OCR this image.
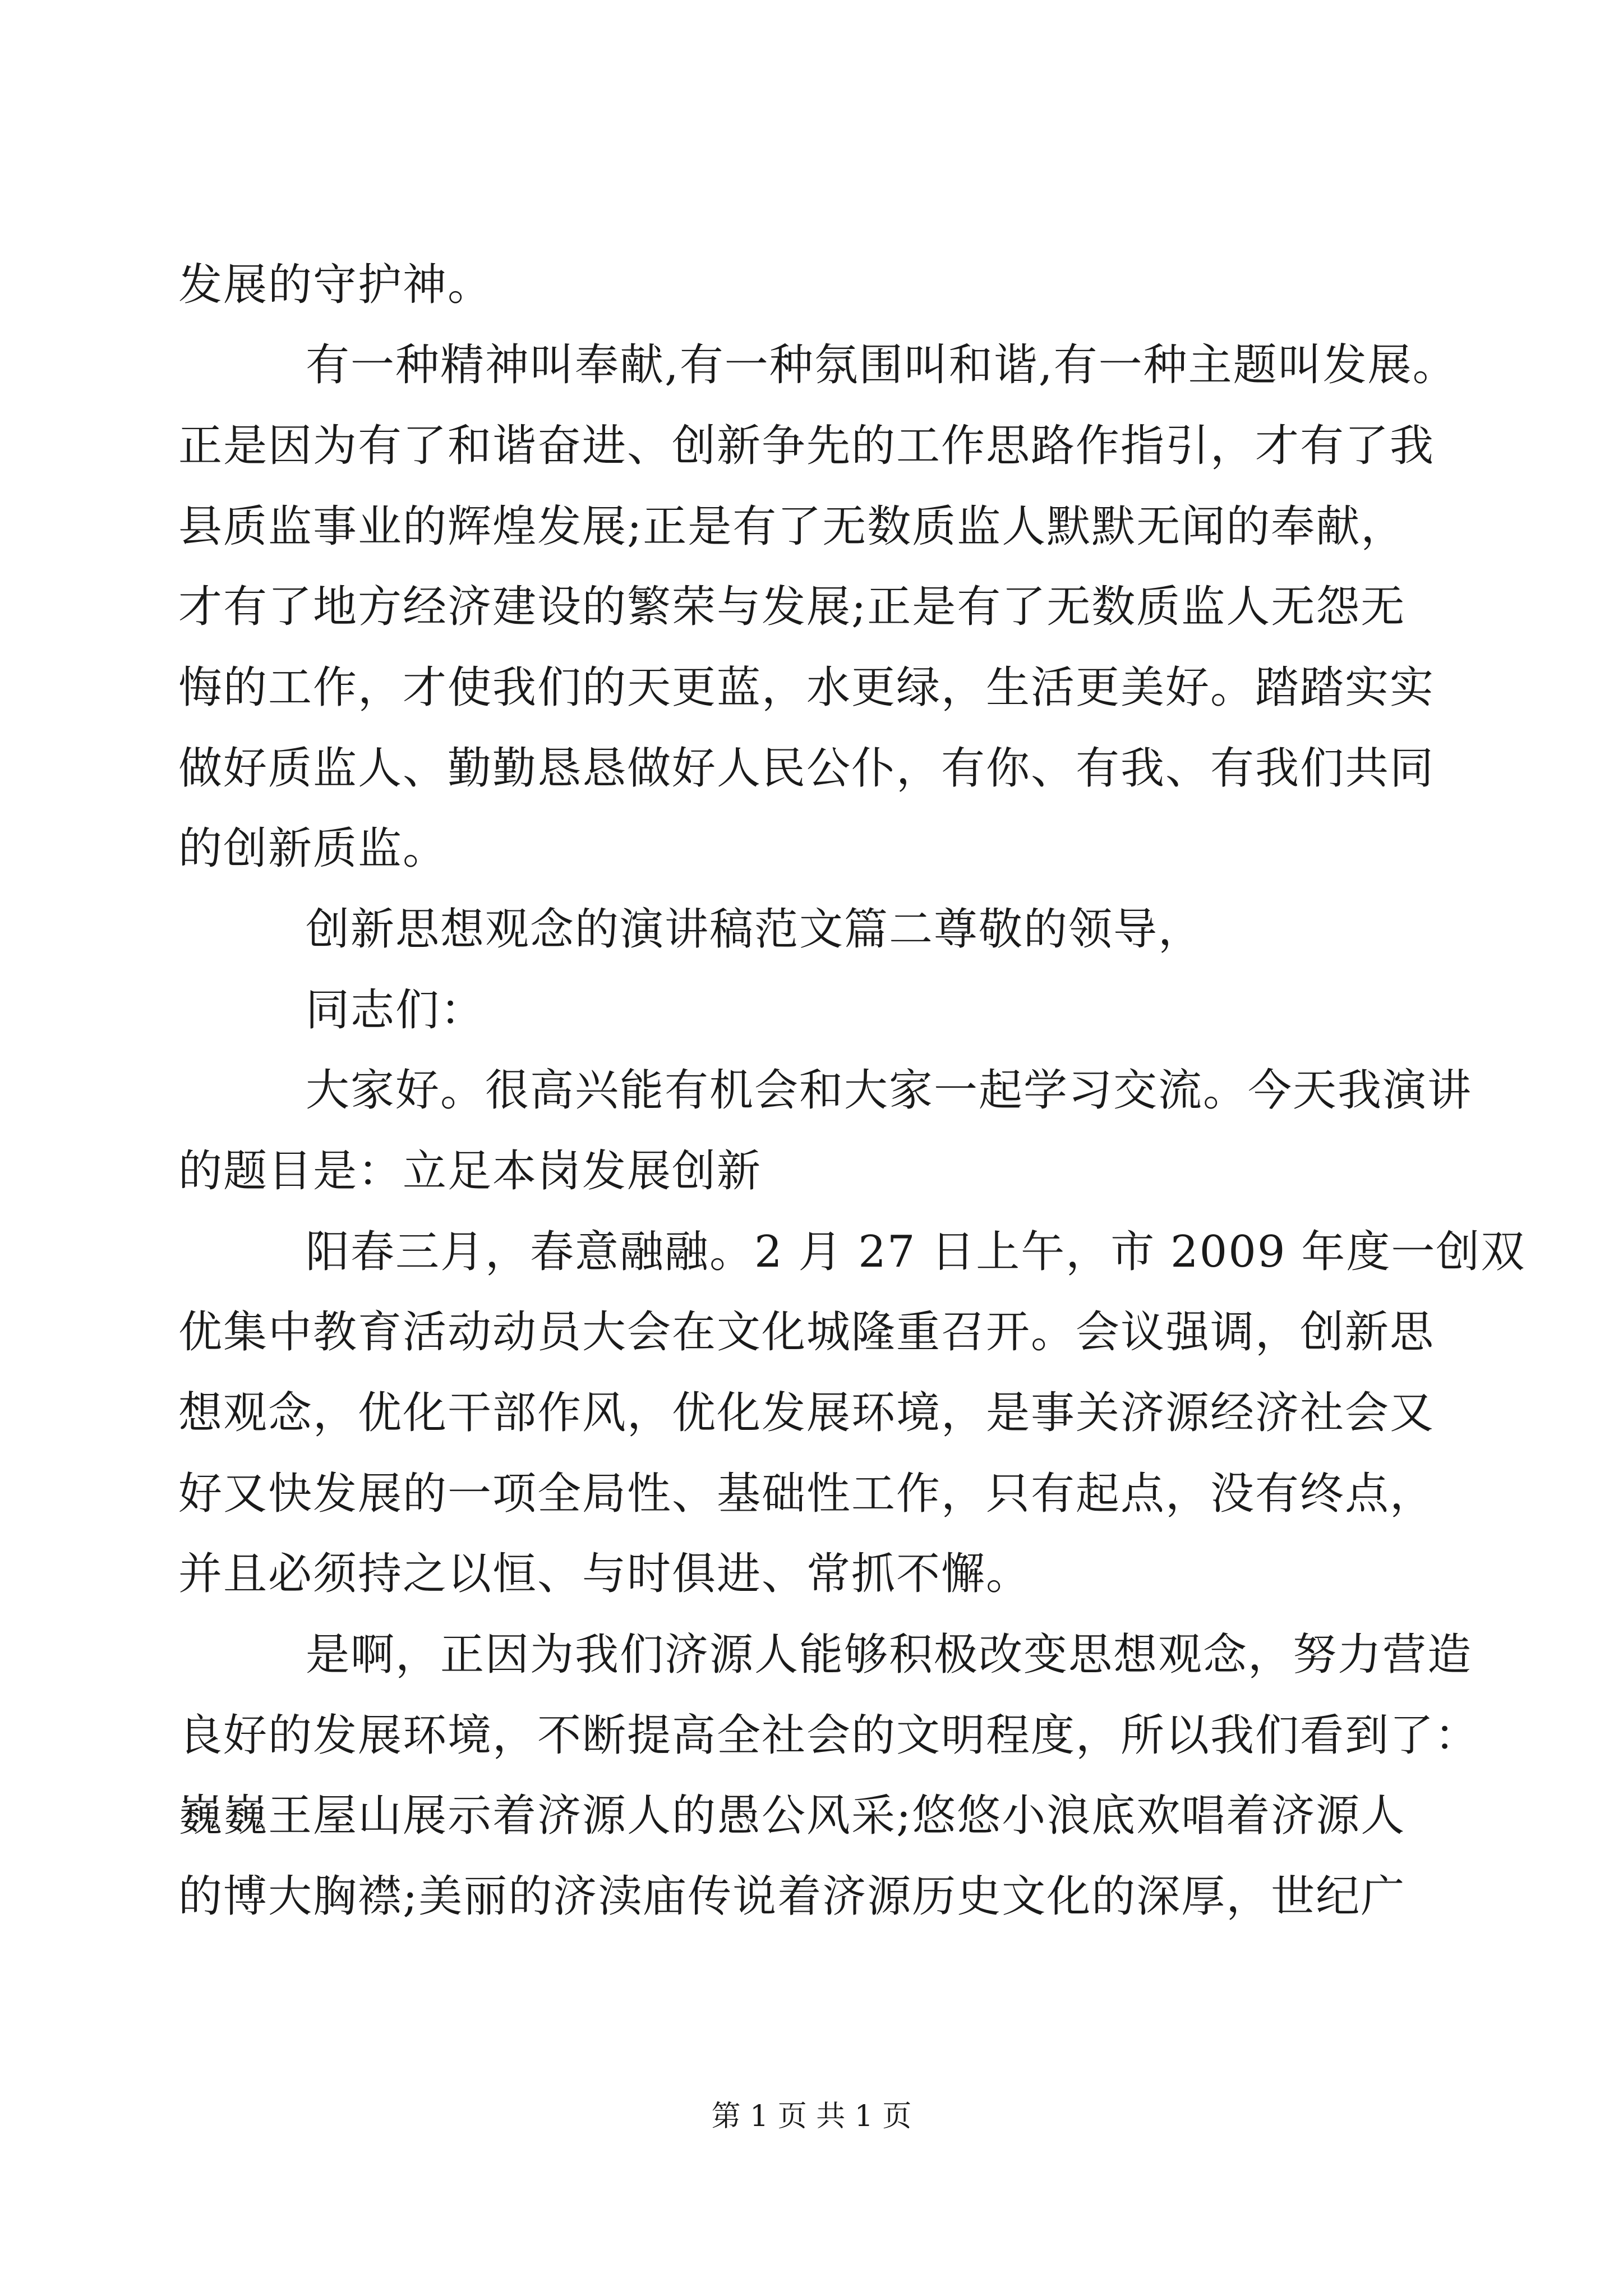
发展的守护神。
有一种精神叫奉献,有一种氛围叫和谐,有一种主题叫发展。
正是因为有了和谐奋进、创新争先的工作思路作指引，才有了我
县质监事业的辉煌发展;正是有了无数质监人默默无闻的奉献，
才有了地方经济建设的繁荣与发展;正是有了无数质监人无怨无
悔的工作，才使我们的天更蓝，水更绿，生活更美好。踏踏实实
做好质监人、勤勤恳恳做好人民公仆，有你、有我、有我们共同
的创新质监。
创新思想观念的演讲稿范文篇二尊敬的领导，
同志们：
大家好。很高兴能有机会和大家一起学习交流。今天我演讲
的题目是：立足本岗发展创新
阳春三月，春意融融。2 月 27 日上午，市 2009 年度一创双
优集中教育活动动员大会在文化城隆重召开。会议强调，创新思
想观念，优化干部作风，优化发展环境，是事关济源经济社会又
好又快发展的一项全局性、基础性工作，只有起点，没有终点，
并且必须持之以恒、与时俱进、常抓不懈。
是啊，正因为我们济源人能够积极改变思想观念，努力营造
良好的发展环境，不断提高全社会的文明程度，所以我们看到了：
巍巍王屋山展示着济源人的愚公风采;悠悠小浪底欢唱着济源人
的博大胸襟;美丽的济渎庙传说着济源历史文化的深厚，世纪广
第 1 页 共 1 页
